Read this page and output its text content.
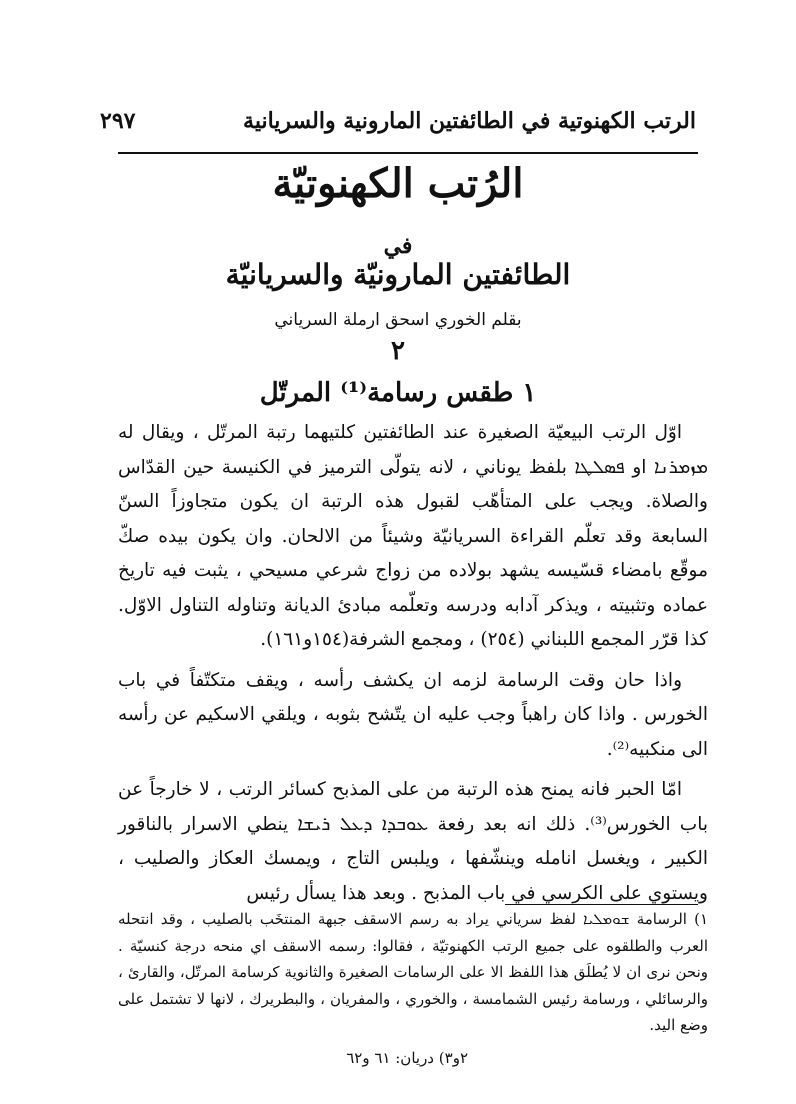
الرتب الكهنوتية في الطائفتين المارونية والسريانية
٢٩٧
الرُتب الكهنوتيّة
في
الطائفتين المارونيّة والسريانيّة
بقلم الخوري اسحق ارملة السرياني
٢
١ طقس رسامة⁽¹⁾ المرتّل

اوّل الرتب البيعيّة الصغيرة عند الطائفتين كلتيهما رتبة المرتّل ، ويقال له ܡܙܡܪܢܐ او ܦܣܠܛܐ بلفظ يوناني ، لانه يتولّى الترميز في الكنيسة حين القدّاس والصلاة. ويجب على المتأهّب لقبول هذه الرتبة ان يكون متجاوزاً السنّ السابعة وقد تعلّم القراءة السريانيّة وشيئاً من الالحان. وان يكون بيده صكّ موقّع بامضاء قسّيسه يشهد بولاده من زواج شرعي مسيحي ، يثبت فيه تاريخ عماده وتثبيته ، ويذكر آدابه ودرسه وتعلّمه مبادئ الديانة وتناوله التناول الاوّل. كذا قرّر المجمع اللبناني (٢٥٤) ، ومجمع الشرفة(١٥٤و١٦١).

واذا حان وقت الرسامة لزمه ان يكشف رأسه ، ويقف متكتّفاً في باب الخورس . واذا كان راهباً وجب عليه ان يتّشح بثوبه ، ويلقي الاسكيم عن رأسه الى منكبيه⁽²⁾.

امّا الحبر فانه يمنح هذه الرتبة من على المذبح كسائر الرتب ، لا خارجاً عن باب الخورس⁽³⁾. ذلك انه بعد رفعة ܥܘܒܕܐ ܕܥܠ ܪܝܫܐ ينطي الاسرار بالناقور الكبير ، ويغسل انامله وينشّفها ، ويلبس التاج ، ويمسك العكاز والصليب ، ويستوي على الكرسي في باب المذبح . وبعد هذا يسأل رئيس

١) الرسامة ܫܘܡܠܝܐ لفظ سرياني يراد به رسم الاسقف جبهة المنتخَب بالصليب ، وقد انتحله العرب والطلقوه على جميع الرتب الكهنوتيّة ، فقالوا: رسمه الاسقف اي منحه درجة كنسيّة . ونحن نرى ان لا يُطلَق هذا اللفظ الا على الرسامات الصغيرة والثانوية كرسامة المرتّل، والقارئ ، والرسائلي ، ورسامة رئيس الشمامسة ، والخوري ، والمفريان ، والبطريرك ، لانها لا تشتمل على وضع اليد.

٢و٣) دريان: ٦١ و٦٢
